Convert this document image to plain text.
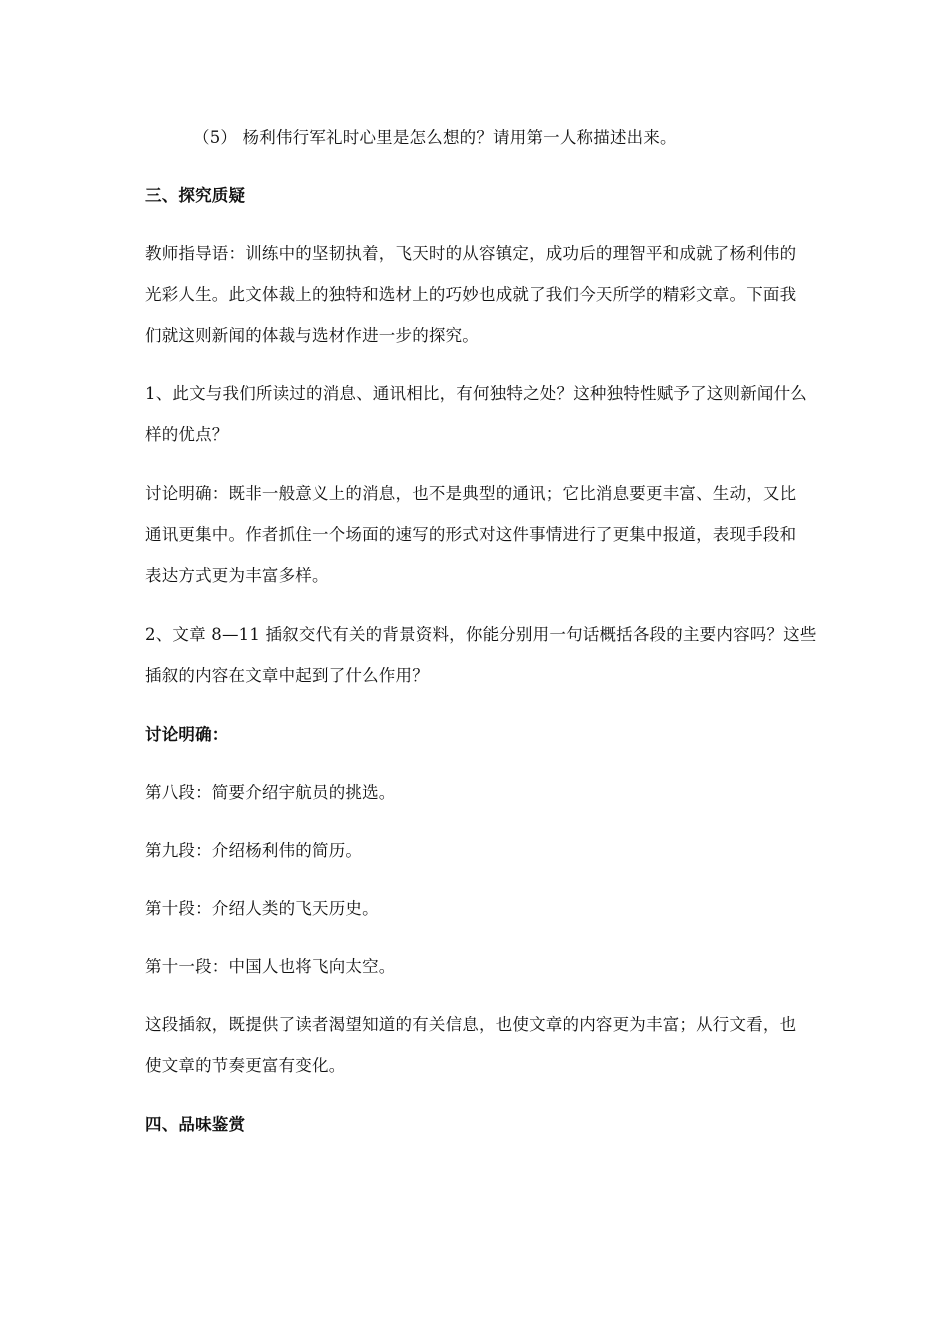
（5） 杨利伟行军礼时心里是怎么想的？请用第一人称描述出来。
三、探究质疑
教师指导语：训练中的坚韧执着，飞天时的从容镇定，成功后的理智平和成就了杨利伟的
光彩人生。此文体裁上的独特和选材上的巧妙也成就了我们今天所学的精彩文章。下面我
们就这则新闻的体裁与选材作进一步的探究。
1、此文与我们所读过的消息、通讯相比，有何独特之处？这种独特性赋予了这则新闻什么
样的优点？
讨论明确：既非一般意义上的消息，也不是典型的通讯；它比消息要更丰富、生动，又比
通讯更集中。作者抓住一个场面的速写的形式对这件事情进行了更集中报道，表现手段和
表达方式更为丰富多样。
2、文章 8—11 插叙交代有关的背景资料，你能分别用一句话概括各段的主要内容吗？这些
插叙的内容在文章中起到了什么作用？
讨论明确：
第八段：简要介绍宇航员的挑选。
第九段：介绍杨利伟的简历。
第十段：介绍人类的飞天历史。
第十一段：中国人也将飞向太空。
这段插叙，既提供了读者渴望知道的有关信息，也使文章的内容更为丰富；从行文看，也
使文章的节奏更富有变化。
四、品味鉴赏
